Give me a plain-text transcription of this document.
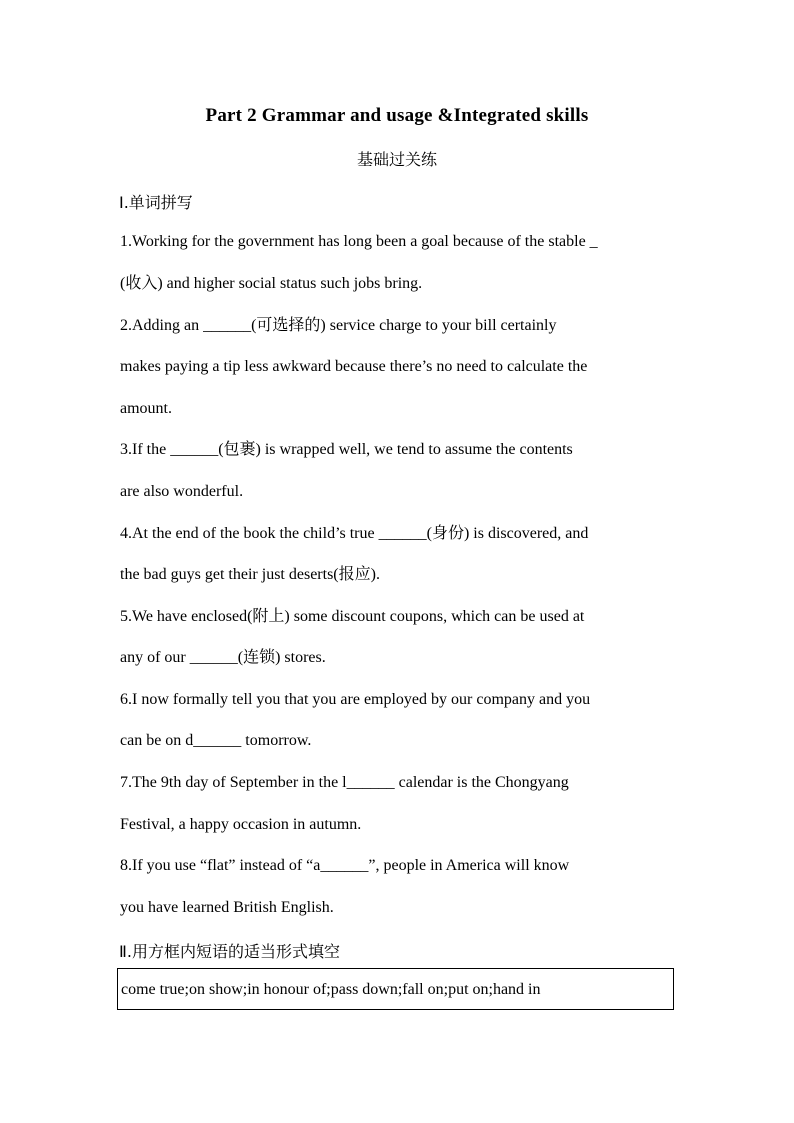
Part 2 Grammar and usage &Integrated skills
基础过关练
Ⅰ.单词拼写
1.Working for the government has long been a goal because of the stable _
(收入) and higher social status such jobs bring.
2.Adding an ______(可选择的) service charge to your bill certainly
makes paying a tip less awkward because there’s no need to calculate the
amount.
3.If the ______(包裹) is wrapped well, we tend to assume the contents
are also wonderful.
4.At the end of the book the child’s true ______(身份) is discovered, and
the bad guys get their just deserts(报应).
5.We have enclosed(附上) some discount coupons, which can be used at
any of our ______(连锁) stores.
6.I now formally tell you that you are employed by our company and you
can be on d______ tomorrow.
7.The 9th day of September in the l______ calendar is the Chongyang
Festival, a happy occasion in autumn.
8.If you use “flat” instead of “a______”, people in America will know
you have learned British English.
Ⅱ.用方框内短语的适当形式填空
come true;on show;in honour of;pass down;fall on;put on;hand in
